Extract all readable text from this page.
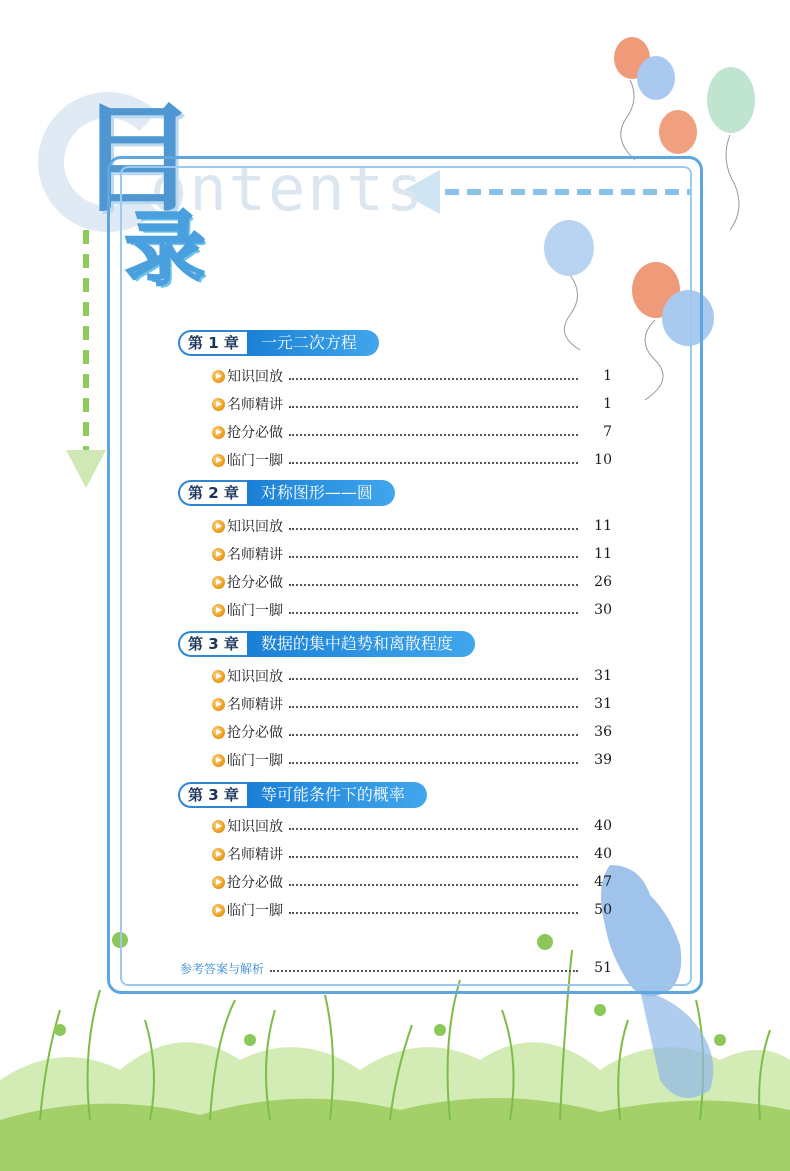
ontents
目
录
第 1 章	一元二次方程
知识回放	1
名师精讲	1
抢分必做	7
临门一脚	10
第 2 章	对称图形——圆
知识回放	11
名师精讲	11
抢分必做	26
临门一脚	30
第 3 章	数据的集中趋势和离散程度
知识回放	31
名师精讲	31
抢分必做	36
临门一脚	39
第 3 章	等可能条件下的概率
知识回放	40
名师精讲	40
抢分必做	47
临门一脚	50
参考答案与解析	51
